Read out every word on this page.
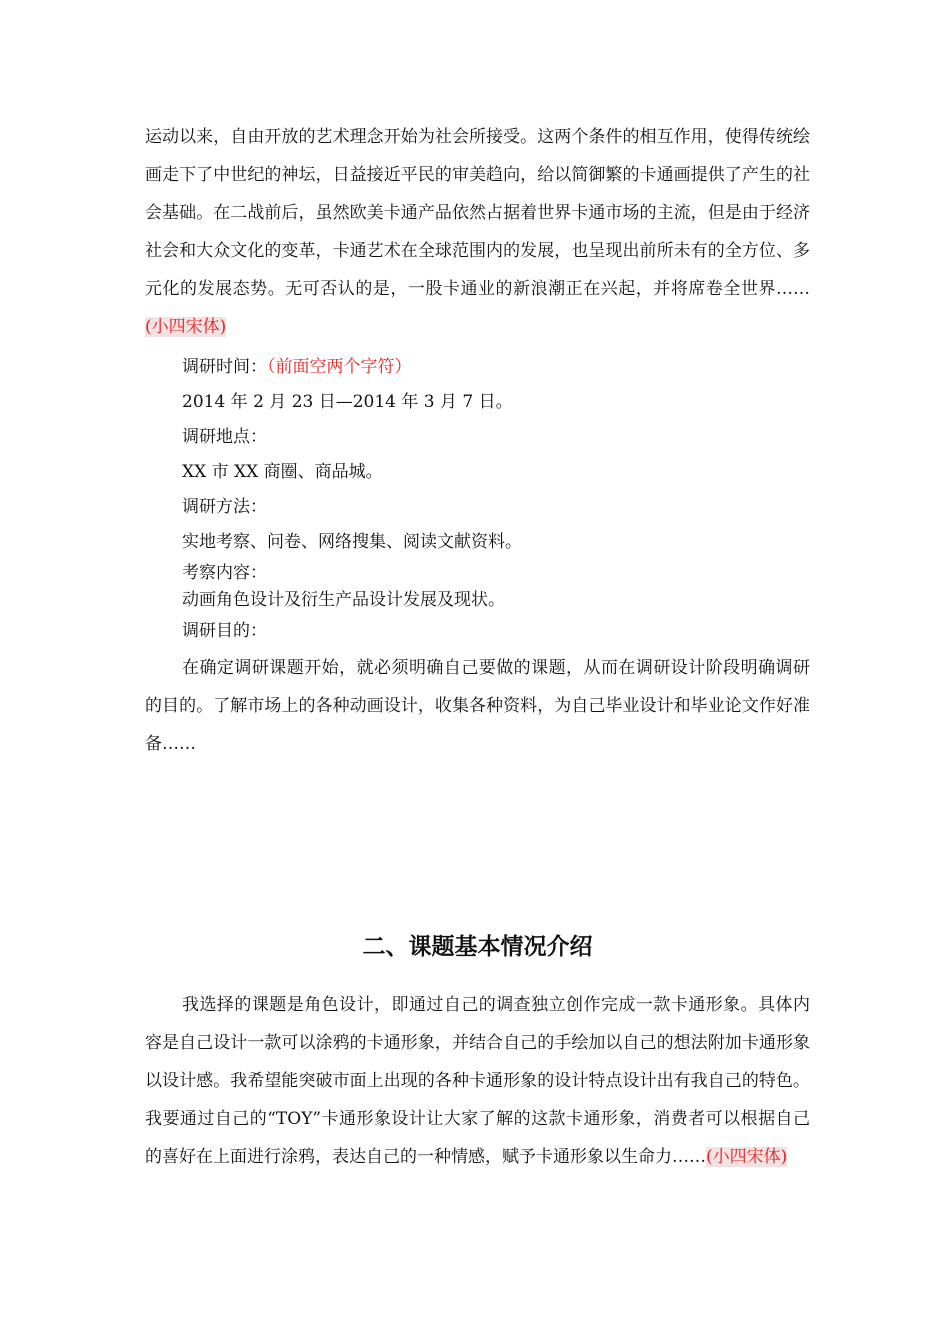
运动以来，自由开放的艺术理念开始为社会所接受。这两个条件的相互作用，使得传统绘画走下了中世纪的神坛，日益接近平民的审美趋向，给以简御繁的卡通画提供了产生的社会基础。在二战前后，虽然欧美卡通产品依然占据着世界卡通市场的主流，但是由于经济社会和大众文化的变革，卡通艺术在全球范围内的发展，也呈现出前所未有的全方位、多元化的发展态势。无可否认的是，一股卡通业的新浪潮正在兴起，并将席卷全世界……(小四宋体)

调研时间：（前面空两个字符）

2014 年 2 月 23 日—2014 年 3 月 7 日。

调研地点：

XX 市 XX 商圈、商品城。

调研方法：

实地考察、问卷、网络搜集、阅读文献资料。

考察内容：

动画角色设计及衍生产品设计发展及现状。

调研目的：

在确定调研课题开始，就必须明确自己要做的课题，从而在调研设计阶段明确调研的目的。了解市场上的各种动画设计，收集各种资料，为自己毕业设计和毕业论文作好准备……

二、课题基本情况介绍

我选择的课题是角色设计，即通过自己的调查独立创作完成一款卡通形象。具体内容是自己设计一款可以涂鸦的卡通形象，并结合自己的手绘加以自己的想法附加卡通形象以设计感。我希望能突破市面上出现的各种卡通形象的设计特点设计出有我自己的特色。我要通过自己的“TOY”卡通形象设计让大家了解的这款卡通形象，消费者可以根据自己的喜好在上面进行涂鸦，表达自己的一种情感，赋予卡通形象以生命力……(小四宋体)
